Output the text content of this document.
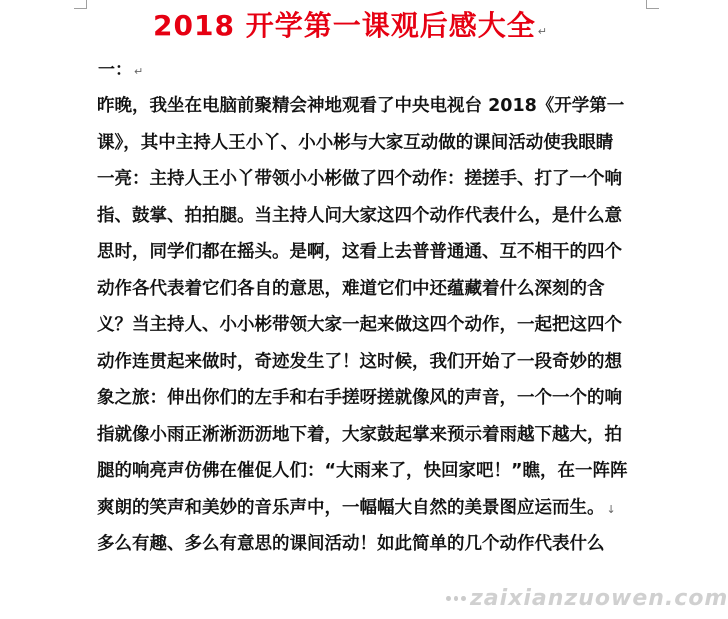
2018 开学第一课观后感大全 ↵
一： ↵
昨晚，我坐在电脑前聚精会神地观看了中央电视台 2018《开学第一
课》，其中主持人王小丫、小小彬与大家互动做的课间活动使我眼睛
一亮：主持人王小丫带领小小彬做了四个动作：搓搓手、打了一个响
指、鼓掌、拍拍腿。当主持人问大家这四个动作代表什么，是什么意
思时，同学们都在摇头。是啊，这看上去普普通通、互不相干的四个
动作各代表着它们各自的意思，难道它们中还蕴藏着什么深刻的含
义？当主持人、小小彬带领大家一起来做这四个动作，一起把这四个
动作连贯起来做时，奇迹发生了！这时候，我们开始了一段奇妙的想
象之旅：伸出你们的左手和右手搓呀搓就像风的声音，一个一个的响
指就像小雨正淅淅沥沥地下着，大家鼓起掌来预示着雨越下越大，拍
腿的响亮声仿佛在催促人们：“大雨来了，快回家吧！”瞧，在一阵阵
爽朗的笑声和美妙的音乐声中，一幅幅大自然的美景图应运而生。 ↓
多么有趣、多么有意思的课间活动！如此简单的几个动作代表什么
zaixianzuowen.com
